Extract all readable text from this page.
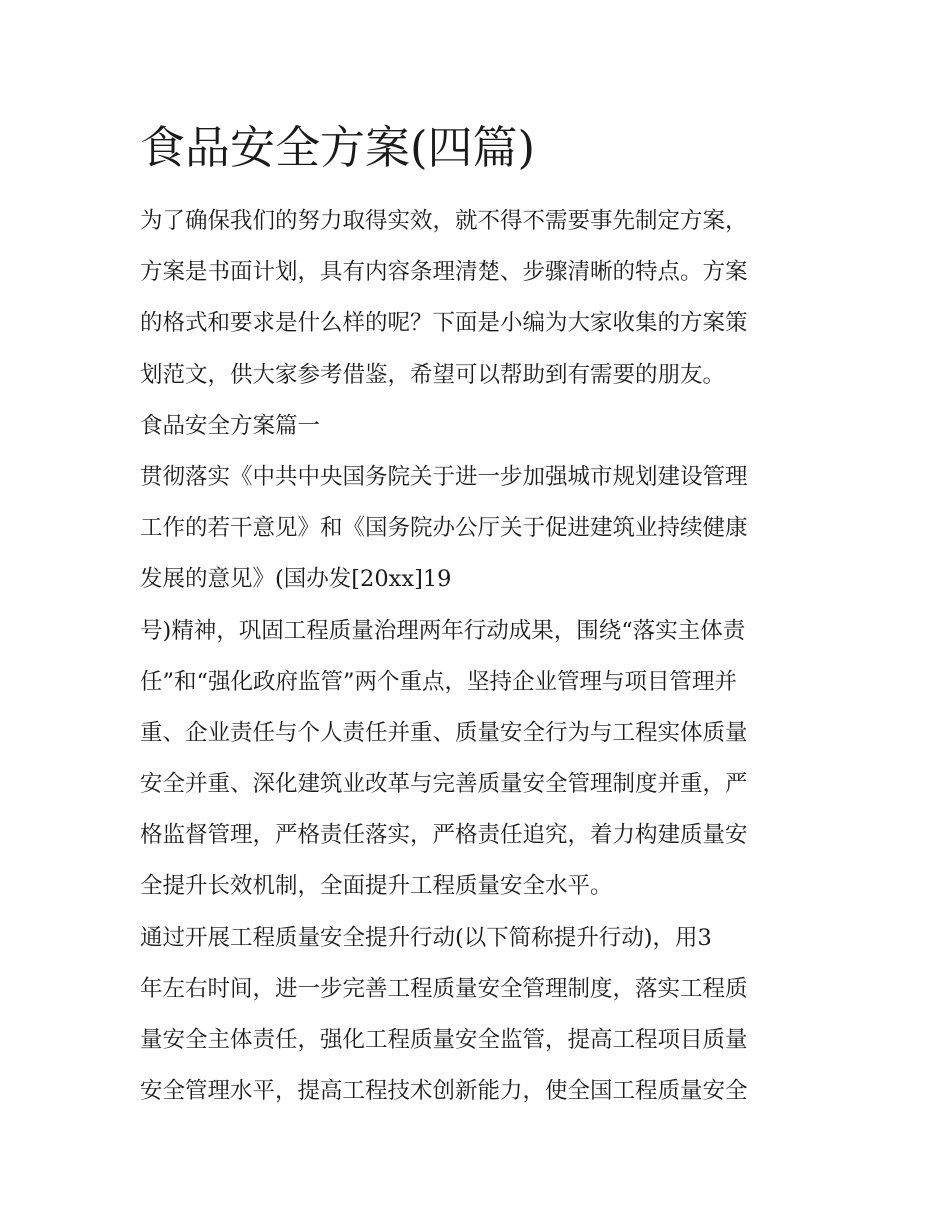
食品安全方案(四篇)
为了确保我们的努力取得实效，就不得不需要事先制定方案，
方案是书面计划，具有内容条理清楚、步骤清晰的特点。方案
的格式和要求是什么样的呢？下面是小编为大家收集的方案策
划范文，供大家参考借鉴，希望可以帮助到有需要的朋友。
食品安全方案篇一
贯彻落实《中共中央国务院关于进一步加强城市规划建设管理
工作的若干意见》和《国务院办公厅关于促进建筑业持续健康
发展的意见》(国办发[20xx]19
号)精神，巩固工程质量治理两年行动成果，围绕“落实主体责
任”和“强化政府监管”两个重点，坚持企业管理与项目管理并
重、企业责任与个人责任并重、质量安全行为与工程实体质量
安全并重、深化建筑业改革与完善质量安全管理制度并重，严
格监督管理，严格责任落实，严格责任追究，着力构建质量安
全提升长效机制，全面提升工程质量安全水平。
通过开展工程质量安全提升行动(以下简称提升行动)，用3
年左右时间，进一步完善工程质量安全管理制度，落实工程质
量安全主体责任，强化工程质量安全监管，提高工程项目质量
安全管理水平，提高工程技术创新能力，使全国工程质量安全
